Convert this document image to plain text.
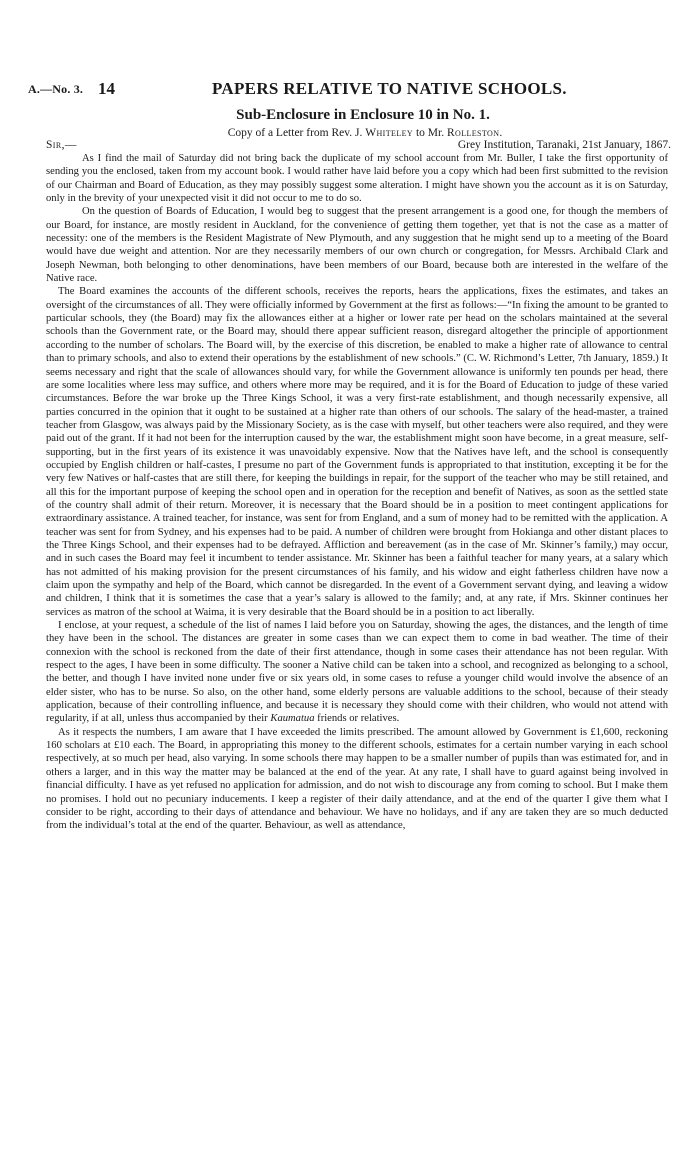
A.—No. 3. 14	PAPERS RELATIVE TO NATIVE SCHOOLS.
Sub-Enclosure in Enclosure 10 in No. 1.
Copy of a Letter from Rev. J. Whiteley to Mr. Rolleston.
Sir,—	Grey Institution, Taranaki, 21st January, 1867.

As I find the mail of Saturday did not bring back the duplicate of my school account from Mr. Buller, I take the first opportunity of sending you the enclosed, taken from my account book. I would rather have laid before you a copy which had been first submitted to the revision of our Chairman and Board of Education, as they may possibly suggest some alteration. I might have shown you the account as it is on Saturday, only in the brevity of your unexpected visit it did not occur to me to do so.

On the question of Boards of Education, I would beg to suggest that the present arrangement is a good one, for though the members of our Board, for instance, are mostly resident in Auckland, for the convenience of getting them together, yet that is not the case as a matter of necessity: one of the members is the Resident Magistrate of New Plymouth, and any suggestion that he might send up to a meeting of the Board would have due weight and attention. Nor are they necessarily members of our own church or congregation, for Messrs. Archibald Clark and Joseph Newman, both belonging to other denominations, have been members of our Board, because both are interested in the welfare of the Native race.

The Board examines the accounts of the different schools, receives the reports, hears the applications, fixes the estimates, and takes an oversight of the circumstances of all. They were officially informed by Government at the first as follows:—“In fixing the amount to be granted to particular schools, they (the Board) may fix the allowances either at a higher or lower rate per head on the scholars maintained at the several schools than the Government rate, or the Board may, should there appear sufficient reason, disregard altogether the principle of apportionment according to the number of scholars. The Board will, by the exercise of this discretion, be enabled to make a higher rate of allowance to central than to primary schools, and also to extend their operations by the establishment of new schools.” (C. W. Richmond’s Letter, 7th January, 1859.) It seems necessary and right that the scale of allowances should vary, for while the Government allowance is uniformly ten pounds per head, there are some localities where less may suffice, and others where more may be required, and it is for the Board of Education to judge of these varied circumstances. Before the war broke up the Three Kings School, it was a very first-rate establishment, and though necessarily expensive, all parties concurred in the opinion that it ought to be sustained at a higher rate than others of our schools. The salary of the head-master, a trained teacher from Glasgow, was always paid by the Missionary Society, as is the case with myself, but other teachers were also required, and they were paid out of the grant. If it had not been for the interruption caused by the war, the establishment might soon have become, in a great measure, self-supporting, but in the first years of its existence it was unavoidably expensive. Now that the Natives have left, and the school is consequently occupied by English children or half-castes, I presume no part of the Government funds is appropriated to that institution, excepting it be for the very few Natives or half-castes that are still there, for keeping the buildings in repair, for the support of the teacher who may be still retained, and all this for the important purpose of keeping the school open and in operation for the reception and benefit of Natives, as soon as the settled state of the country shall admit of their return. Moreover, it is necessary that the Board should be in a position to meet contingent applications for extraordinary assistance. A trained teacher, for instance, was sent for from England, and a sum of money had to be remitted with the application. A teacher was sent for from Sydney, and his expenses had to be paid. A number of children were brought from Hokianga and other distant places to the Three Kings School, and their expenses had to be defrayed. Affliction and bereavement (as in the case of Mr. Skinner’s family,) may occur, and in such cases the Board may feel it incumbent to tender assistance. Mr. Skinner has been a faithful teacher for many years, at a salary which has not admitted of his making provision for the present circumstances of his family, and his widow and eight fatherless children have now a claim upon the sympathy and help of the Board, which cannot be disregarded. In the event of a Government servant dying, and leaving a widow and children, I think that it is sometimes the case that a year’s salary is allowed to the family; and, at any rate, if Mrs. Skinner continues her services as matron of the school at Waima, it is very desirable that the Board should be in a position to act liberally.

I enclose, at your request, a schedule of the list of names I laid before you on Saturday, showing the ages, the distances, and the length of time they have been in the school. The distances are greater in some cases than we can expect them to come in bad weather. The time of their connexion with the school is reckoned from the date of their first attendance, though in some cases their attendance has not been regular. With respect to the ages, I have been in some difficulty. The sooner a Native child can be taken into a school, and recognized as belonging to a school, the better, and though I have invited none under five or six years old, in some cases to refuse a younger child would involve the absence of an elder sister, who has to be nurse. So also, on the other hand, some elderly persons are valuable additions to the school, because of their steady application, because of their controlling influence, and because it is necessary they should come with their children, who would not attend with regularity, if at all, unless thus accompanied by their Kaumatua friends or relatives.

As it respects the numbers, I am aware that I have exceeded the limits prescribed. The amount allowed by Government is £1,600, reckoning 160 scholars at £10 each. The Board, in appropriating this money to the different schools, estimates for a certain number varying in each school respectively, at so much per head, also varying. In some schools there may happen to be a smaller number of pupils than was estimated for, and in others a larger, and in this way the matter may be balanced at the end of the year. At any rate, I shall have to guard against being involved in financial difficulty. I have as yet refused no application for admission, and do not wish to discourage any from coming to school. But I make them no promises. I hold out no pecuniary inducements. I keep a register of their daily attendance, and at the end of the quarter I give them what I consider to be right, according to their days of attendance and behaviour. We have no holidays, and if any are taken they are so much deducted from the individual’s total at the end of the quarter. Behaviour, as well as attendance,
